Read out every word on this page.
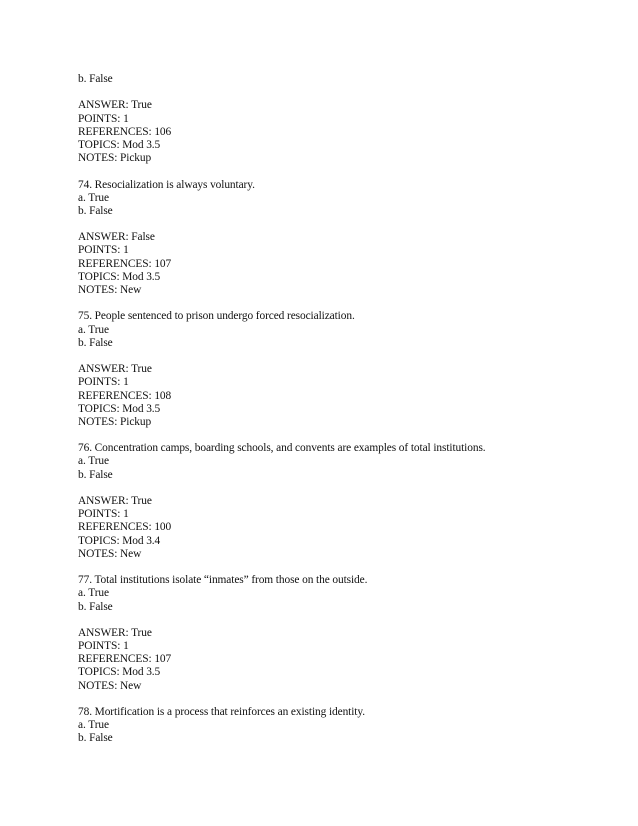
b. False
ANSWER: True
POINTS: 1
REFERENCES: 106
TOPICS: Mod 3.5
NOTES: Pickup
74. Resocialization is always voluntary.
a. True
b. False
ANSWER: False
POINTS: 1
REFERENCES: 107
TOPICS: Mod 3.5
NOTES: New
75. People sentenced to prison undergo forced resocialization.
a. True
b. False
ANSWER: True
POINTS: 1
REFERENCES: 108
TOPICS: Mod 3.5
NOTES: Pickup
76. Concentration camps, boarding schools, and convents are examples of total institutions.
a. True
b. False
ANSWER: True
POINTS: 1
REFERENCES: 100
TOPICS: Mod 3.4
NOTES: New
77. Total institutions isolate “inmates” from those on the outside.
a. True
b. False
ANSWER: True
POINTS: 1
REFERENCES: 107
TOPICS: Mod 3.5
NOTES: New
78. Mortification is a process that reinforces an existing identity.
a. True
b. False
